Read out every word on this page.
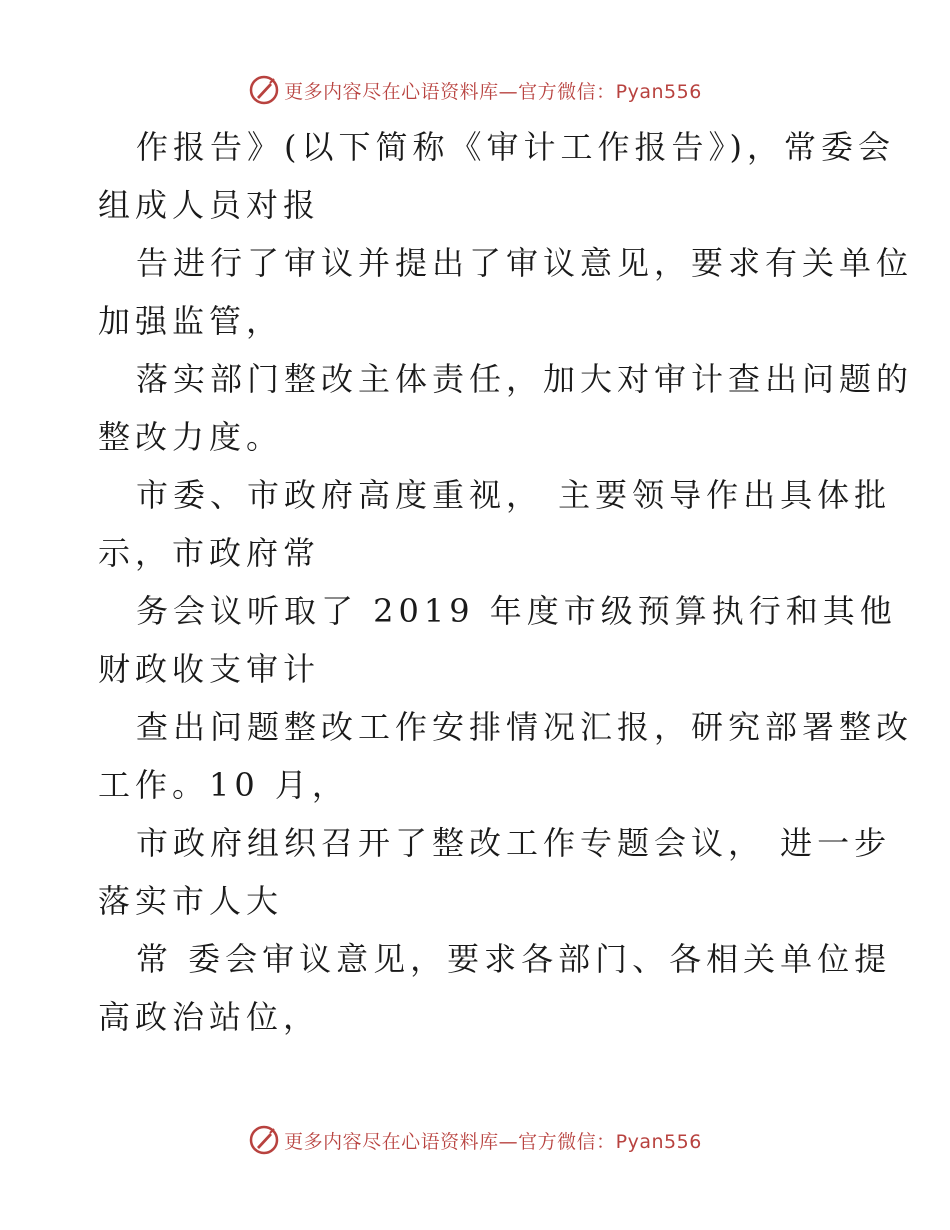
更多内容尽在心语资料库—官方微信：Pyan556
作报告》(以下简称《审计工作报告》)，常委会
组成人员对报
告进行了审议并提出了审议意见，要求有关单位
加强监管，
落实部门整改主体责任，加大对审计查出问题的
整改力度。
市委、市政府高度重视， 主要领导作出具体批
示，市政府常
务会议听取了 2019 年度市级预算执行和其他
财政收支审计
查出问题整改工作安排情况汇报，研究部署整改
工作。10 月，
市政府组织召开了整改工作专题会议， 进一步
落实市人大
常 委会审议意见，要求各部门、各相关单位提
高政治站位，
更多内容尽在心语资料库—官方微信：Pyan556
